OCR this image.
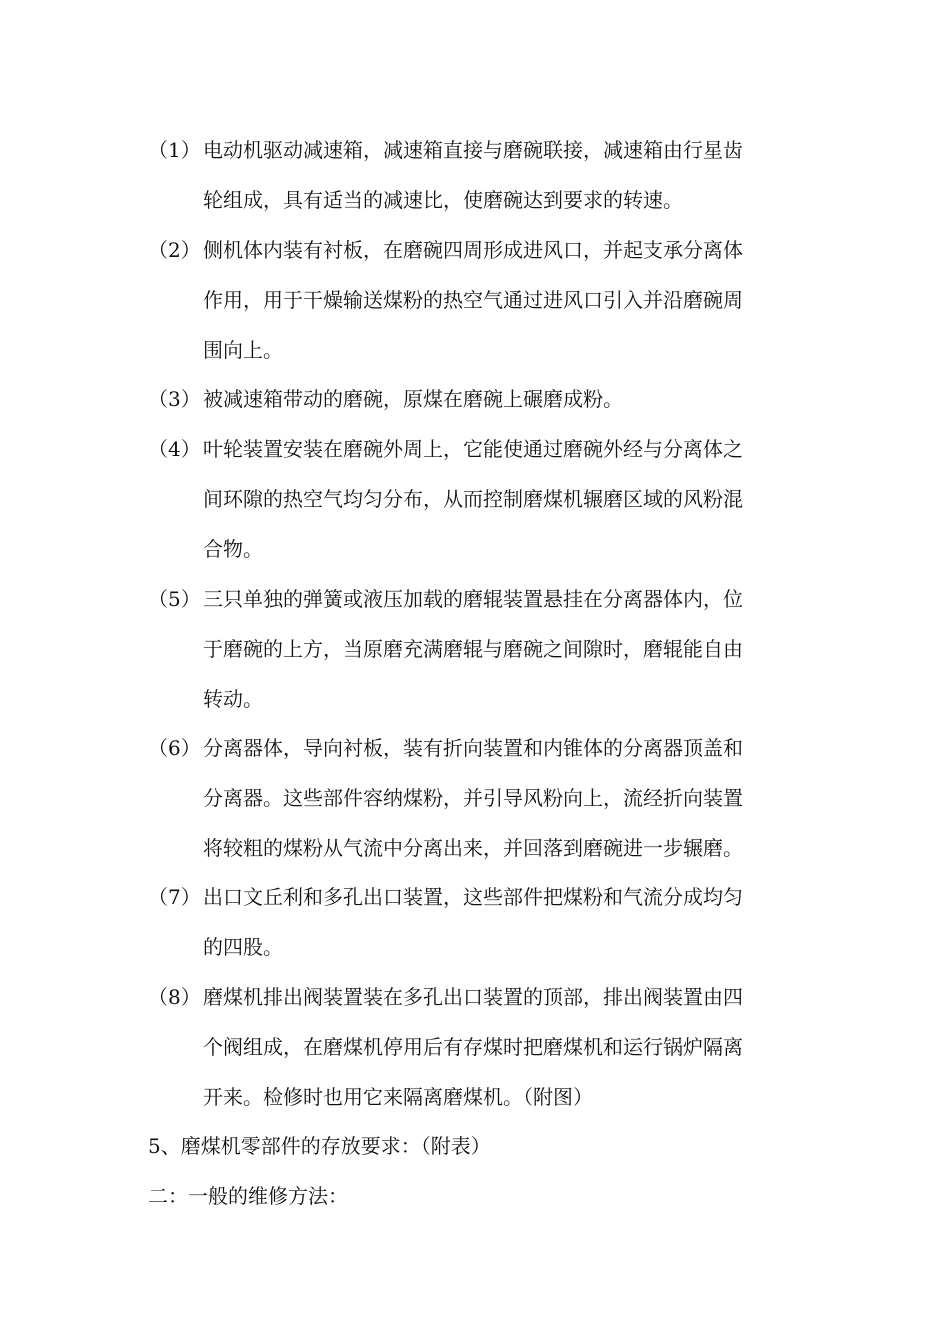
（1） 电动机驱动减速箱，减速箱直接与磨碗联接，减速箱由行星齿
轮组成，具有适当的减速比，使磨碗达到要求的转速。
（2） 侧机体内装有衬板，在磨碗四周形成进风口，并起支承分离体
作用，用于干燥输送煤粉的热空气通过进风口引入并沿磨碗周
围向上。
（3） 被减速箱带动的磨碗，原煤在磨碗上碾磨成粉。
（4） 叶轮装置安装在磨碗外周上，它能使通过磨碗外经与分离体之
间环隙的热空气均匀分布，从而控制磨煤机辗磨区域的风粉混
合物。
（5） 三只单独的弹簧或液压加载的磨辊装置悬挂在分离器体内，位
于磨碗的上方，当原磨充满磨辊与磨碗之间隙时，磨辊能自由
转动。
（6） 分离器体，导向衬板，装有折向装置和内锥体的分离器顶盖和
分离器。这些部件容纳煤粉，并引导风粉向上，流经折向装置
将较粗的煤粉从气流中分离出来，并回落到磨碗进一步辗磨。
（7） 出口文丘利和多孔出口装置，这些部件把煤粉和气流分成均匀
的四股。
（8） 磨煤机排出阀装置装在多孔出口装置的顶部，排出阀装置由四
个阀组成，在磨煤机停用后有存煤时把磨煤机和运行锅炉隔离
开来。检修时也用它来隔离磨煤机。（附图）
5、磨煤机零部件的存放要求：（附表）
二：一般的维修方法：
